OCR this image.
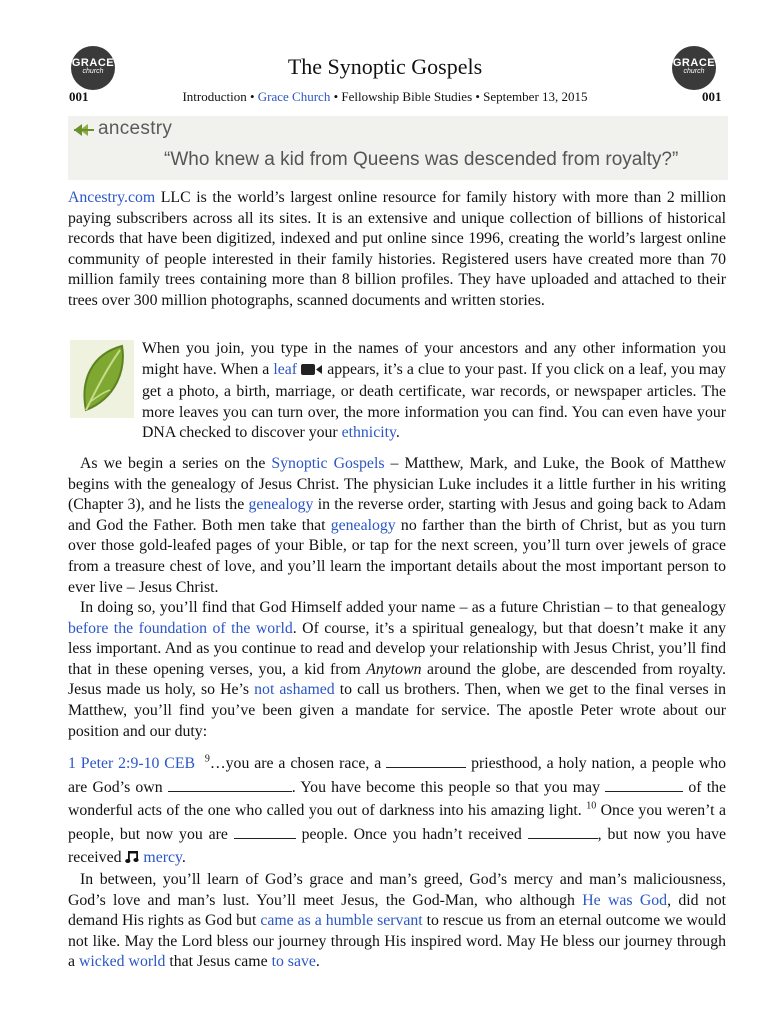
GRACE
church
GRACE
church
The Synoptic Gospels
001	Introduction • Grace Church • Fellowship Bible Studies • September 13, 2015	001
ancestry
“Who knew a kid from Queens was descended from royalty?”
Ancestry.com LLC is the world’s largest online resource for family history with more than 2 million paying subscribers across all its sites. It is an extensive and unique collection of billions of historical records that have been digitized, indexed and put online since 1996, creating the world’s largest online community of people interested in their family histories. Registered users have created more than 70 million family trees containing more than 8 billion profiles. They have uploaded and attached to their trees over 300 million photographs, scanned documents and written stories.
When you join, you type in the names of your ancestors and any other information you might have. When a leaf  appears, it’s a clue to your past. If you click on a leaf, you may get a photo, a birth, marriage, or death certificate, war records, or newspaper articles. The more leaves you can turn over, the more information you can find. You can even have your DNA checked to discover your ethnicity.
As we begin a series on the Synoptic Gospels – Matthew, Mark, and Luke, the Book of Matthew begins with the genealogy of Jesus Christ. The physician Luke includes it a little further in his writing (Chapter 3), and he lists the genealogy in the reverse order, starting with Jesus and going back to Adam and God the Father. Both men take that genealogy no farther than the birth of Christ, but as you turn over those gold-leafed pages of your Bible, or tap for the next screen, you’ll turn over jewels of grace from a treasure chest of love, and you’ll learn the important details about the most important person to ever live – Jesus Christ.
In doing so, you’ll find that God Himself added your name – as a future Christian – to that genealogy before the foundation of the world. Of course, it’s a spiritual genealogy, but that doesn’t make it any less important. And as you continue to read and develop your relationship with Jesus Christ, you’ll find that in these opening verses, you, a kid from Anytown around the globe, are descended from royalty. Jesus made us holy, so He’s not ashamed to call us brothers. Then, when we get to the final verses in Matthew, you’ll find you’ve been given a mandate for service. The apostle Peter wrote about our position and our duty:
1 Peter 2:9-10 CEB $^9$…you are a chosen race, a	priesthood, a holy nation, a people who are God’s own	. You have become this people so that you may	of the wonderful acts of the one who called you out of darkness into his amazing light. $^{10}$ Once you weren’t a people, but now you are	people. Once you hadn’t received	, but now you have received  mercy.
In between, you’ll learn of God’s grace and man’s greed, God’s mercy and man’s maliciousness, God’s love and man’s lust. You’ll meet Jesus, the God-Man, who although He was God, did not demand His rights as God but came as a humble servant to rescue us from an eternal outcome we would not like. May the Lord bless our journey through His inspired word. May He bless our journey through a wicked world that Jesus came to save.
